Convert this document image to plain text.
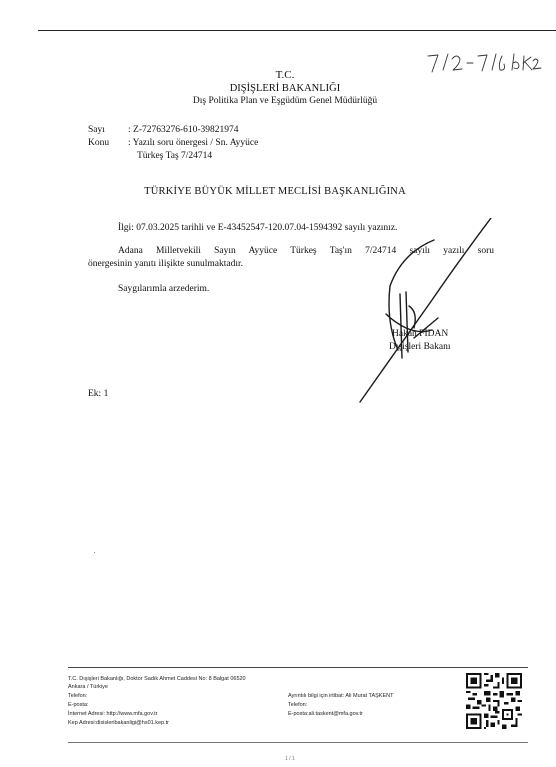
T.C.
DIŞİŞLERİ BAKANLIĞI
Dış Politika Plan ve Eşgüdüm Genel Müdürlüğü
Sayı : Z-72763276-610-39821974
Konu : Yazılı soru önergesi / Sn. Ayyüce
Türkeş Taş 7/24714
TÜRKİYE BÜYÜK MİLLET MECLİSİ BAŞKANLIĞINA
İlgi: 07.03.2025 tarihli ve E-43452547-120.07.04-1594392 sayılı yazınız.
Adana Milletvekili Sayın Ayyüce Türkeş Taş'ın 7/24714 sayılı yazılı soru
önergesinin yanıtı ilişikte sunulmaktadır.
Saygılarımla arzederim.
Hakan FİDAN
Dışişleri Bakanı
Ek: 1
T.C. Dışişleri Bakanlığı, Doktor Sadık Ahmet Caddesi No: 8 Balgat 06520
Ankara / Türkiye
Telefon:
E-posta:
İnternet Adresi: http://www.mfa.gov.tr
Kep Adresi:disisleribakanligi@hs01.kep.tr
Ayrıntılı bilgi için irtibat: Ali Murat TAŞKENT
Telefon:
E-posta:ali.taskent@mfa.gov.tr
1 / 1
